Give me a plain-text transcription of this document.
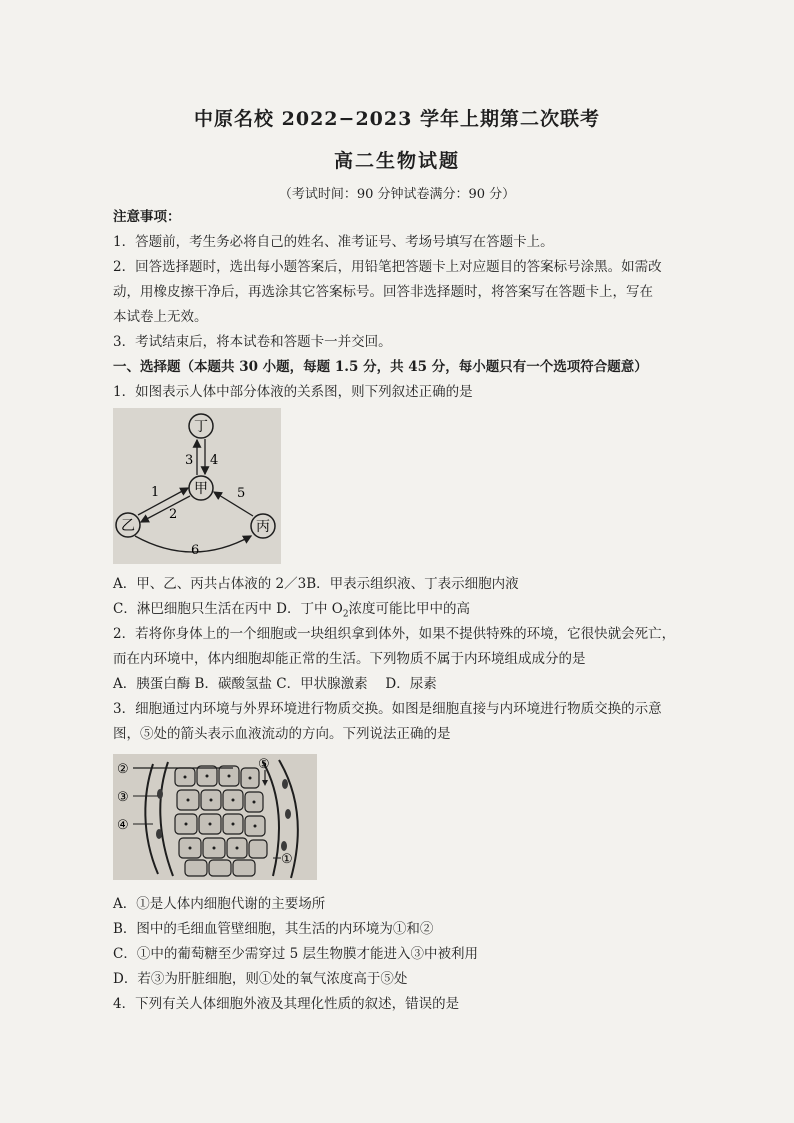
中原名校 2022−2023 学年上期第二次联考
高二生物试题
（考试时间：90 分钟试卷满分：90 分）
注意事项：
1．答题前，考生务必将自己的姓名、准考证号、考场号填写在答题卡上。
2．回答选择题时，选出每小题答案后，用铅笔把答题卡上对应题目的答案标号涂黑。如需改
动，用橡皮擦干净后，再选涂其它答案标号。回答非选择题时，将答案写在答题卡上，写在
本试卷上无效。
3．考试结束后，将本试卷和答题卡一并交回。
一、选择题（本题共 30 小题，每题 1.5 分，共 45 分，每小题只有一个选项符合题意）
1．如图表示人体中部分体液的关系图，则下列叙述正确的是
丁
甲
乙	丙
3 4
1
2
5
6
A．甲、乙、丙共占体液的 2／3B．甲表示组织液、丁表示细胞内液
C．淋巴细胞只生活在丙中 D．丁中 $O_2$浓度可能比甲中的高
2．若将你身体上的一个细胞或一块组织拿到体外，如果不提供特殊的环境，它很快就会死亡，
而在内环境中，体内细胞却能正常的生活。下列物质不属于内环境组成成分的是
A．胰蛋白酶 B．碳酸氢盐 C．甲状腺激素　 D．尿素
3．细胞通过内环境与外界环境进行物质交换。如图是细胞直接与内环境进行物质交换的示意
图，⑤处的箭头表示血液流动的方向。下列说法正确的是
②
③
④
⑤
①
A．①是人体内细胞代谢的主要场所
B．图中的毛细血管壁细胞，其生活的内环境为①和②
C．①中的葡萄糖至少需穿过 5 层生物膜才能进入③中被利用
D．若③为肝脏细胞，则①处的氧气浓度高于⑤处
4．下列有关人体细胞外液及其理化性质的叙述，错误的是
